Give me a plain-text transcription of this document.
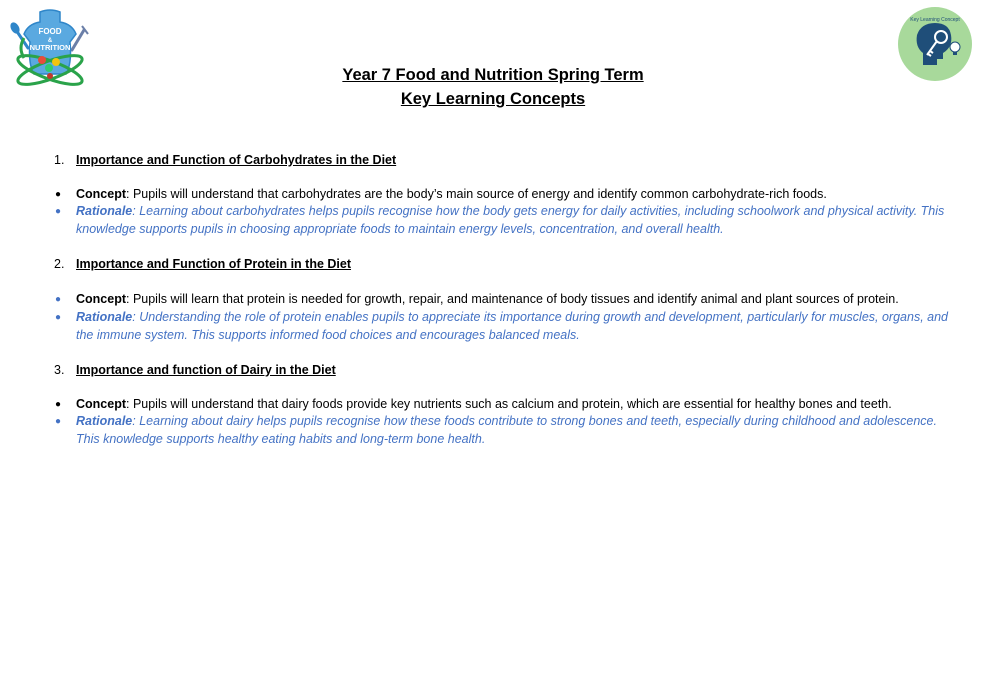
FOOD
&
NUTRITION
Key Learning Concept
Year 7 Food and Nutrition Spring Term
Key Learning Concepts
1. Importance and Function of Carbohydrates in the Diet
● Concept: Pupils will understand that carbohydrates are the body’s main source of energy and identify common carbohydrate-rich foods.
● Rationale: Learning about carbohydrates helps pupils recognise how the body gets energy for daily activities, including schoolwork and physical activity. This knowledge supports pupils in choosing appropriate foods to maintain energy levels, concentration, and overall health.
2. Importance and Function of Protein in the Diet
● Concept: Pupils will learn that protein is needed for growth, repair, and maintenance of body tissues and identify animal and plant sources of protein.
● Rationale: Understanding the role of protein enables pupils to appreciate its importance during growth and development, particularly for muscles, organs, and the immune system. This supports informed food choices and encourages balanced meals.
3. Importance and function of Dairy in the Diet
● Concept: Pupils will understand that dairy foods provide key nutrients such as calcium and protein, which are essential for healthy bones and teeth.
● Rationale: Learning about dairy helps pupils recognise how these foods contribute to strong bones and teeth, especially during childhood and adolescence. This knowledge supports healthy eating habits and long-term bone health.
